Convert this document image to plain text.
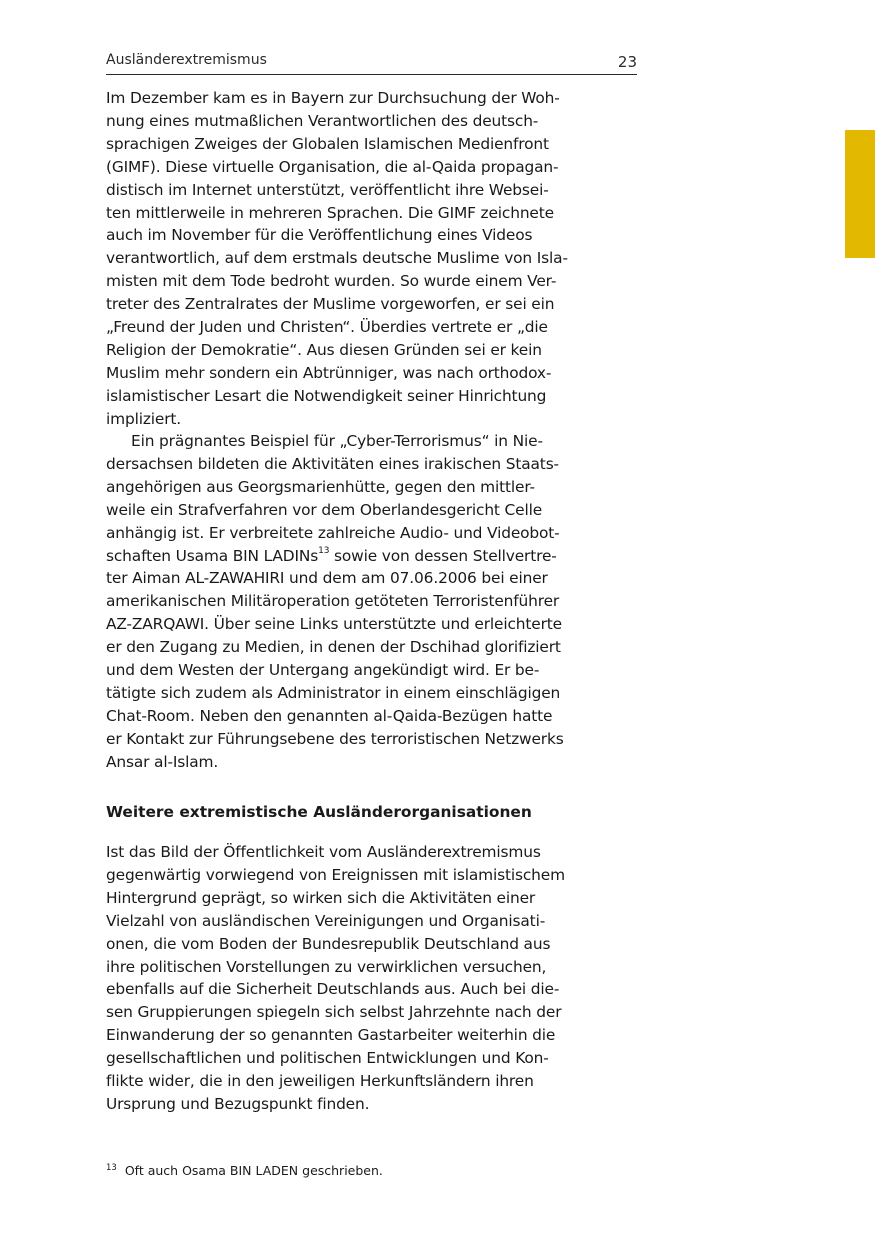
Ausländerextremismus	23
Im Dezember kam es in Bayern zur Durchsuchung der Woh-
nung eines mutmaßlichen Verantwortlichen des deutsch-
sprachigen Zweiges der Globalen Islamischen Medienfront
(GIMF). Diese virtuelle Organisation, die al-Qaida propagan-
distisch im Internet unterstützt, veröffentlicht ihre Websei-
ten mittlerweile in mehreren Sprachen. Die GIMF zeichnete
auch im November für die Veröffentlichung eines Videos
verantwortlich, auf dem erstmals deutsche Muslime von Isla-
misten mit dem Tode bedroht wurden. So wurde einem Ver-
treter des Zentralrates der Muslime vorgeworfen, er sei ein
„Freund der Juden und Christen“. Überdies vertrete er „die
Religion der Demokratie“. Aus diesen Gründen sei er kein
Muslim mehr sondern ein Abtrünniger, was nach orthodox-
islamistischer Lesart die Notwendigkeit seiner Hinrichtung
impliziert.
Ein prägnantes Beispiel für „Cyber-Terrorismus“ in Nie-
dersachsen bildeten die Aktivitäten eines irakischen Staats-
angehörigen aus Georgsmarienhütte, gegen den mittler-
weile ein Strafverfahren vor dem Oberlandesgericht Celle
anhängig ist. Er verbreitete zahlreiche Audio- und Videobot-
schaften Usama BIN LADINs$^{13}$ sowie von dessen Stellvertre-
ter Aiman AL-ZAWAHIRI und dem am 07.06.2006 bei einer
amerikanischen Militäroperation getöteten Terroristenführer
AZ-ZARQAWI. Über seine Links unterstützte und erleichterte
er den Zugang zu Medien, in denen der Dschihad glorifiziert
und dem Westen der Untergang angekündigt wird. Er be-
tätigte sich zudem als Administrator in einem einschlägigen
Chat-Room. Neben den genannten al-Qaida-Bezügen hatte
er Kontakt zur Führungsebene des terroristischen Netzwerks
Ansar al-Islam.
Weitere extremistische Ausländerorganisationen
Ist das Bild der Öffentlichkeit vom Ausländerextremismus
gegenwärtig vorwiegend von Ereignissen mit islamistischem
Hintergrund geprägt, so wirken sich die Aktivitäten einer
Vielzahl von ausländischen Vereinigungen und Organisati-
onen, die vom Boden der Bundesrepublik Deutschland aus
ihre politischen Vorstellungen zu verwirklichen versuchen,
ebenfalls auf die Sicherheit Deutschlands aus. Auch bei die-
sen Gruppierungen spiegeln sich selbst Jahrzehnte nach der
Einwanderung der so genannten Gastarbeiter weiterhin die
gesellschaftlichen und politischen Entwicklungen und Kon-
flikte wider, die in den jeweiligen Herkunftsländern ihren
Ursprung und Bezugspunkt finden.
$^{13}$ Oft auch Osama BIN LADEN geschrieben.
